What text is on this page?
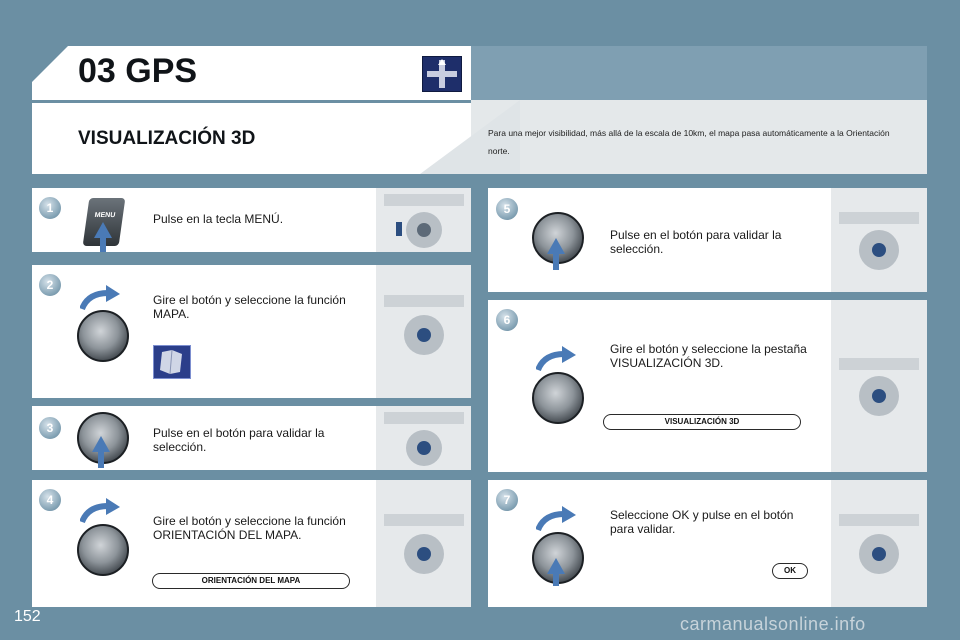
03 GPS
VISUALIZACIÓN 3D	Para una mejor visibilidad, más allá de la escala de 10km, el mapa pasa automáticamente a la Orientación norte.
1
MENU	Pulse en la tecla MENÚ.
2
Gire el botón y seleccione la función MAPA.
3	Pulse en el botón para validar la selección.
4
Gire el botón y seleccione la función ORIENTACIÓN DEL MAPA.
ORIENTACIÓN DEL MAPA
5
Pulse en el botón para validar la selección.
6
Gire el botón y seleccione la pestaña VISUALIZACIÓN 3D.
VISUALIZACIÓN 3D
7
Seleccione OK y pulse en el botón para validar.
OK
152	carmanualsonline.info
